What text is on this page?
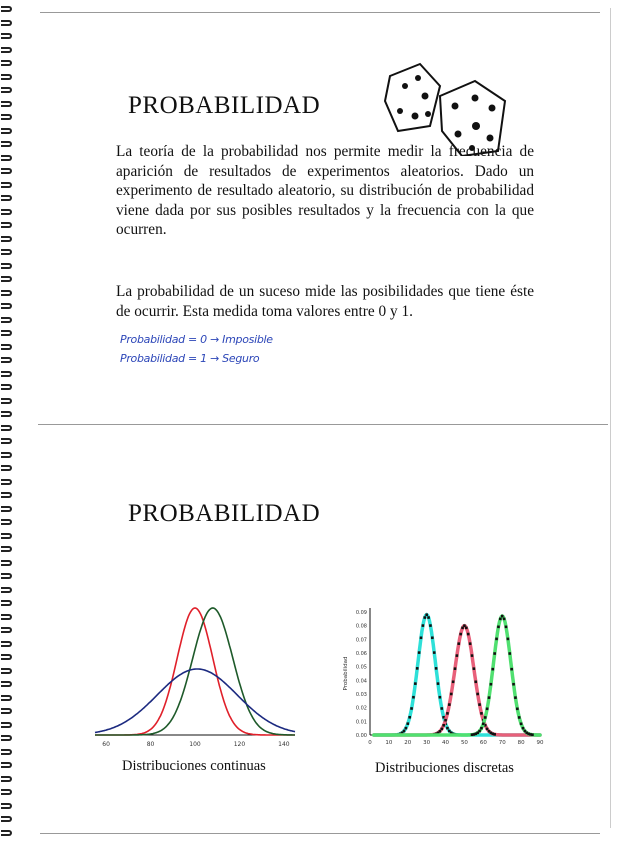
PROBABILIDAD

La teoría de la probabilidad nos permite medir la frecuencia de aparición de resultados de experimentos aleatorios. Dado un experimento de resultado aleatorio, su distribución de probabilidad viene dada por sus posibles resultados y la frecuencia con la que ocurren.

La probabilidad de un suceso mide las posibilidades que tiene éste de ocurrir. Esta medida toma valores entre 0 y 1.

Probabilidad = 0 → Imposible
Probabilidad = 1 → Seguro
PROBABILIDAD
60	80	100	120	140
Distribuciones continuas
0 10 20 30 40 50 60 70 80 90
0.00
0.01
0.02
0.03
0.04
0.05
0.06
0.07
0.08
0.09
Probabilidad
Distribuciones discretas
